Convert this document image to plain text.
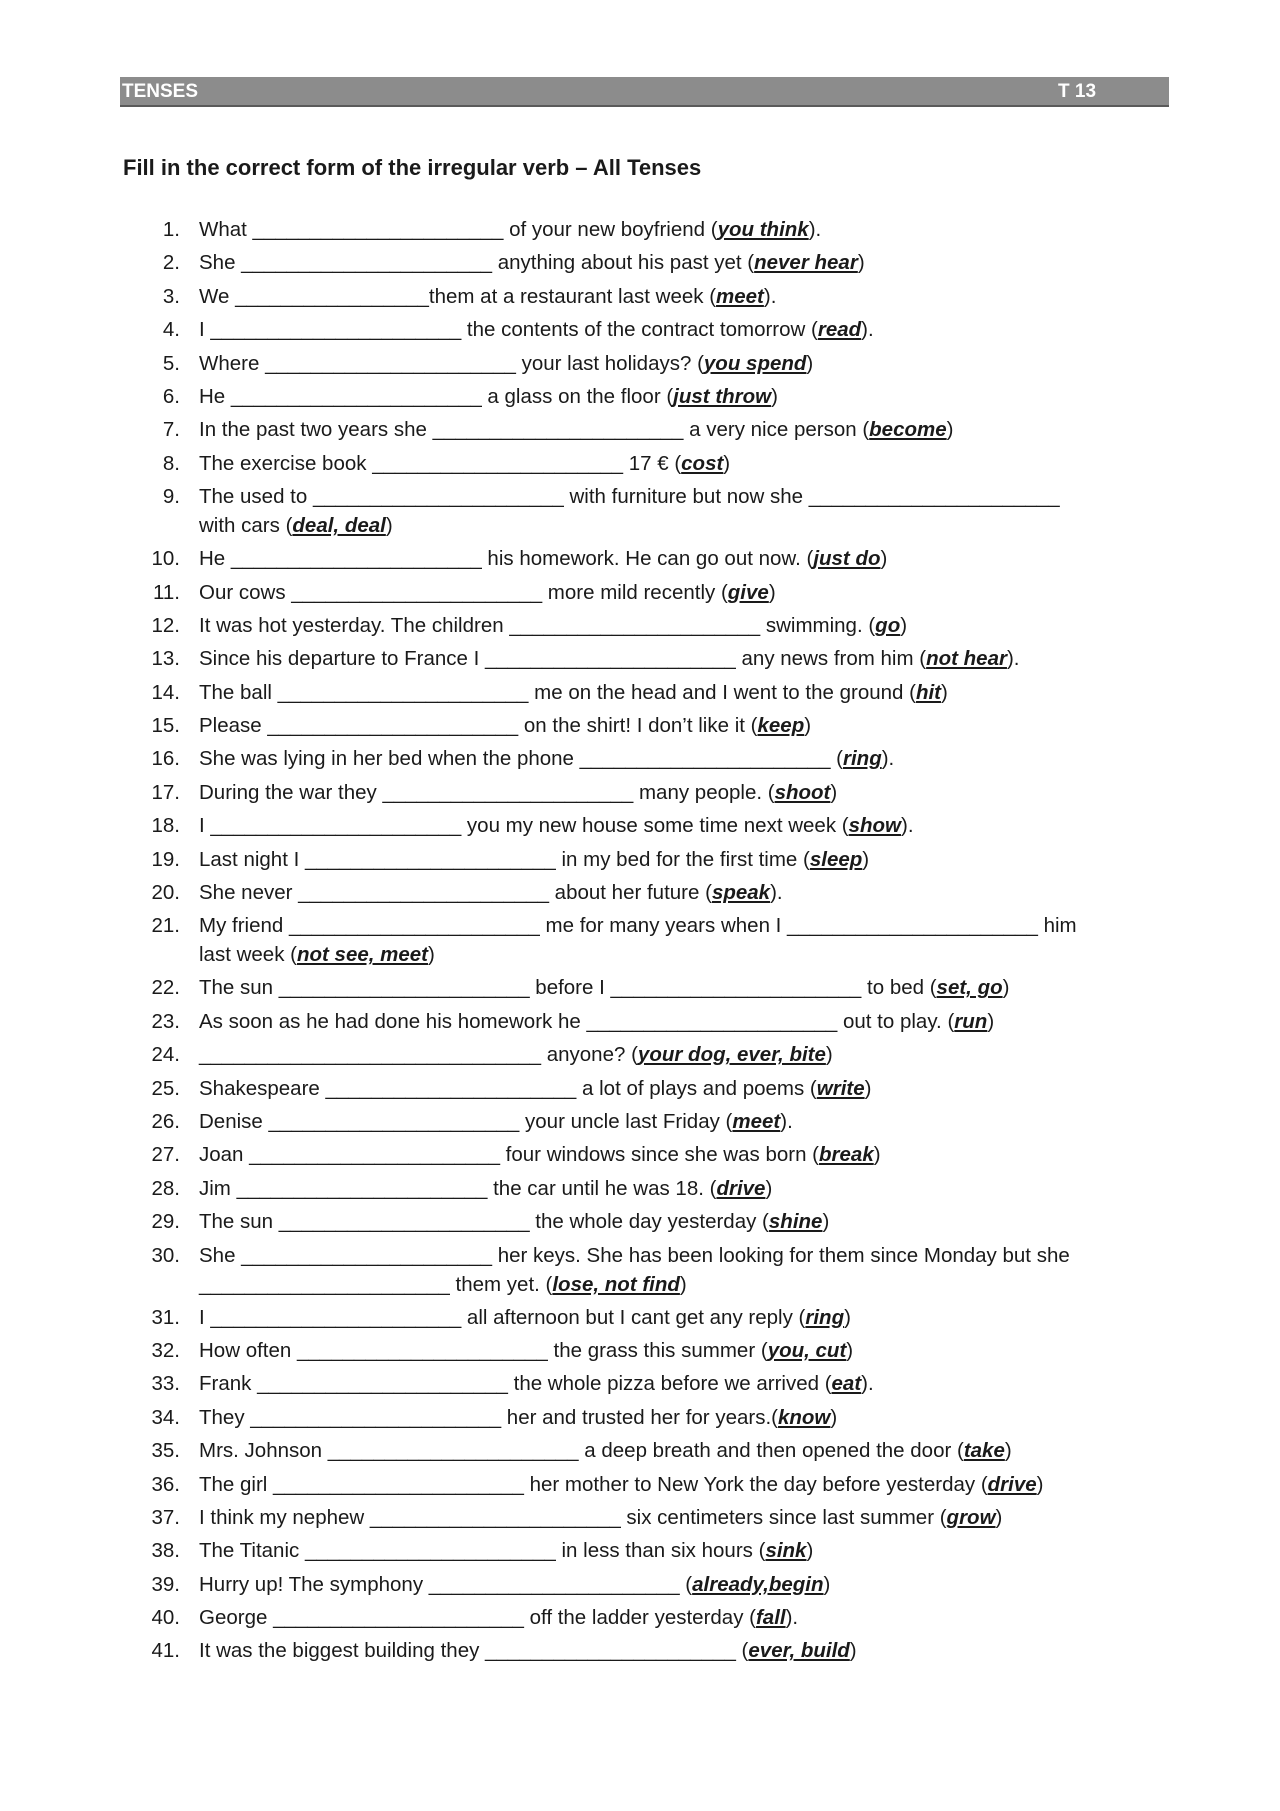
TENSES	T 13
Fill in the correct form of the irregular verb – All Tenses
1. What ______________________ of your new boyfriend (you think).
2. She ______________________ anything about his past yet (never hear)
3. We _________________them at a restaurant last week (meet).
4. I ______________________ the contents of the contract tomorrow (read).
5. Where ______________________ your last holidays? (you spend)
6. He ______________________ a glass on the floor (just throw)
7. In the past two years she ______________________ a very nice person (become)
8. The exercise book ______________________ 17 € (cost)
9. The used to ______________________ with furniture but now she ______________________
with cars (deal, deal)
10. He ______________________ his homework. He can go out now. (just do)
11. Our cows ______________________ more mild recently (give)
12. It was hot yesterday. The children ______________________ swimming. (go)
13. Since his departure to France I ______________________ any news from him (not hear).
14. The ball ______________________ me on the head and I went to the ground (hit)
15. Please ______________________ on the shirt! I don’t like it (keep)
16. She was lying in her bed when the phone ______________________ (ring).
17. During the war they ______________________ many people. (shoot)
18. I ______________________ you my new house some time next week (show).
19. Last night I ______________________ in my bed for the first time (sleep)
20. She never ______________________ about her future (speak).
21. My friend ______________________ me for many years when I ______________________ him
last week (not see, meet)
22. The sun ______________________ before I ______________________ to bed (set, go)
23. As soon as he had done his homework he ______________________ out to play. (run)
24. ______________________________ anyone? (your dog, ever, bite)
25. Shakespeare ______________________ a lot of plays and poems (write)
26. Denise ______________________ your uncle last Friday (meet).
27. Joan ______________________ four windows since she was born (break)
28. Jim ______________________ the car until he was 18. (drive)
29. The sun ______________________ the whole day yesterday (shine)
30. She ______________________ her keys. She has been looking for them since Monday but she
______________________ them yet. (lose, not find)
31. I ______________________ all afternoon but I cant get any reply (ring)
32. How often ______________________ the grass this summer (you, cut)
33. Frank ______________________ the whole pizza before we arrived (eat).
34. They ______________________ her and trusted her for years.(know)
35. Mrs. Johnson ______________________ a deep breath and then opened the door (take)
36. The girl ______________________ her mother to New York the day before yesterday (drive)
37. I think my nephew ______________________ six centimeters since last summer (grow)
38. The Titanic ______________________ in less than six hours (sink)
39. Hurry up! The symphony ______________________ (already,begin)
40. George ______________________ off the ladder yesterday (fall).
41. It was the biggest building they ______________________ (ever, build)
